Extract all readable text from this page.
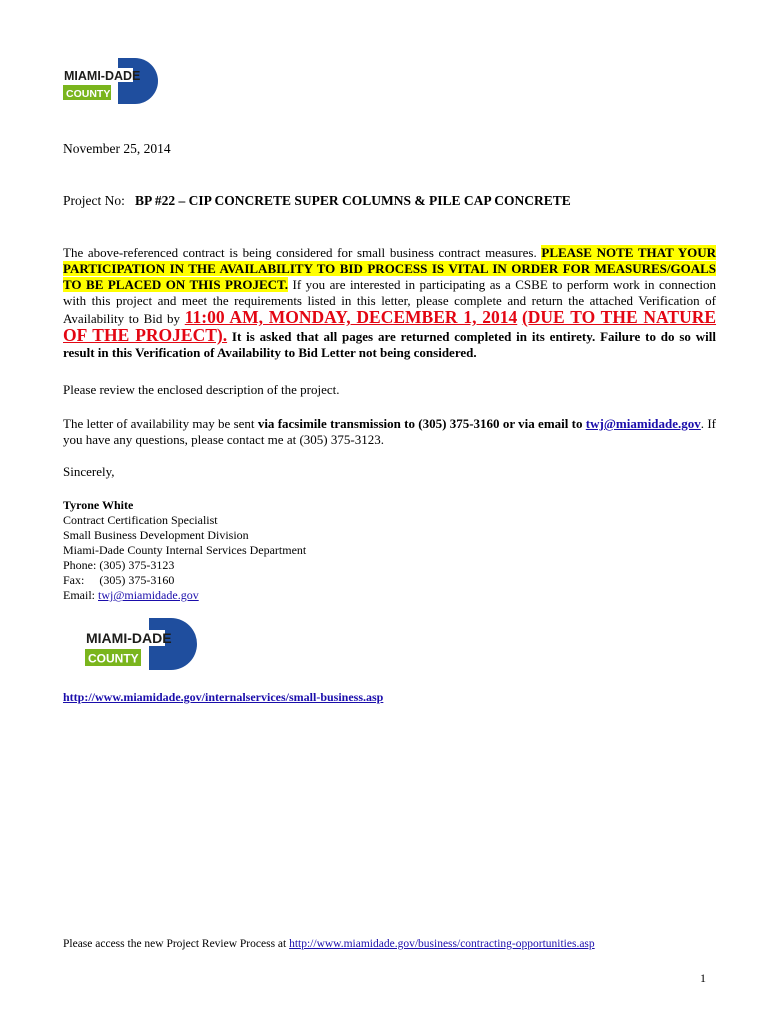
MIAMI-DADE
COUNTY
November 25, 2014
Project No: BP #22 – CIP CONCRETE SUPER COLUMNS & PILE CAP CONCRETE
The above-referenced contract is being considered for small business contract measures. PLEASE NOTE THAT YOUR PARTICIPATION IN THE AVAILABILITY TO BID PROCESS IS VITAL IN ORDER FOR MEASURES/GOALS TO BE PLACED ON THIS PROJECT. If you are interested in participating as a CSBE to perform work in connection with this project and meet the requirements listed in this letter, please complete and return the attached Verification of Availability to Bid by 11:00 AM, MONDAY, DECEMBER 1, 2014 (DUE TO THE NATURE OF THE PROJECT). It is asked that all pages are returned completed in its entirety. Failure to do so will result in this Verification of Availability to Bid Letter not being considered.
Please review the enclosed description of the project.
The letter of availability may be sent via facsimile transmission to (305) 375-3160 or via email to twj@miamidade.gov. If you have any questions, please contact me at (305) 375-3123.
Sincerely,
Tyrone White
Contract Certification Specialist
Small Business Development Division
Miami-Dade County Internal Services Department
Phone: (305) 375-3123
Fax: (305) 375-3160
Email: twj@miamidade.gov
MIAMI-DADE
COUNTY
http://www.miamidade.gov/internalservices/small-business.asp
Please access the new Project Review Process at http://www.miamidade.gov/business/contracting-opportunities.asp
1
